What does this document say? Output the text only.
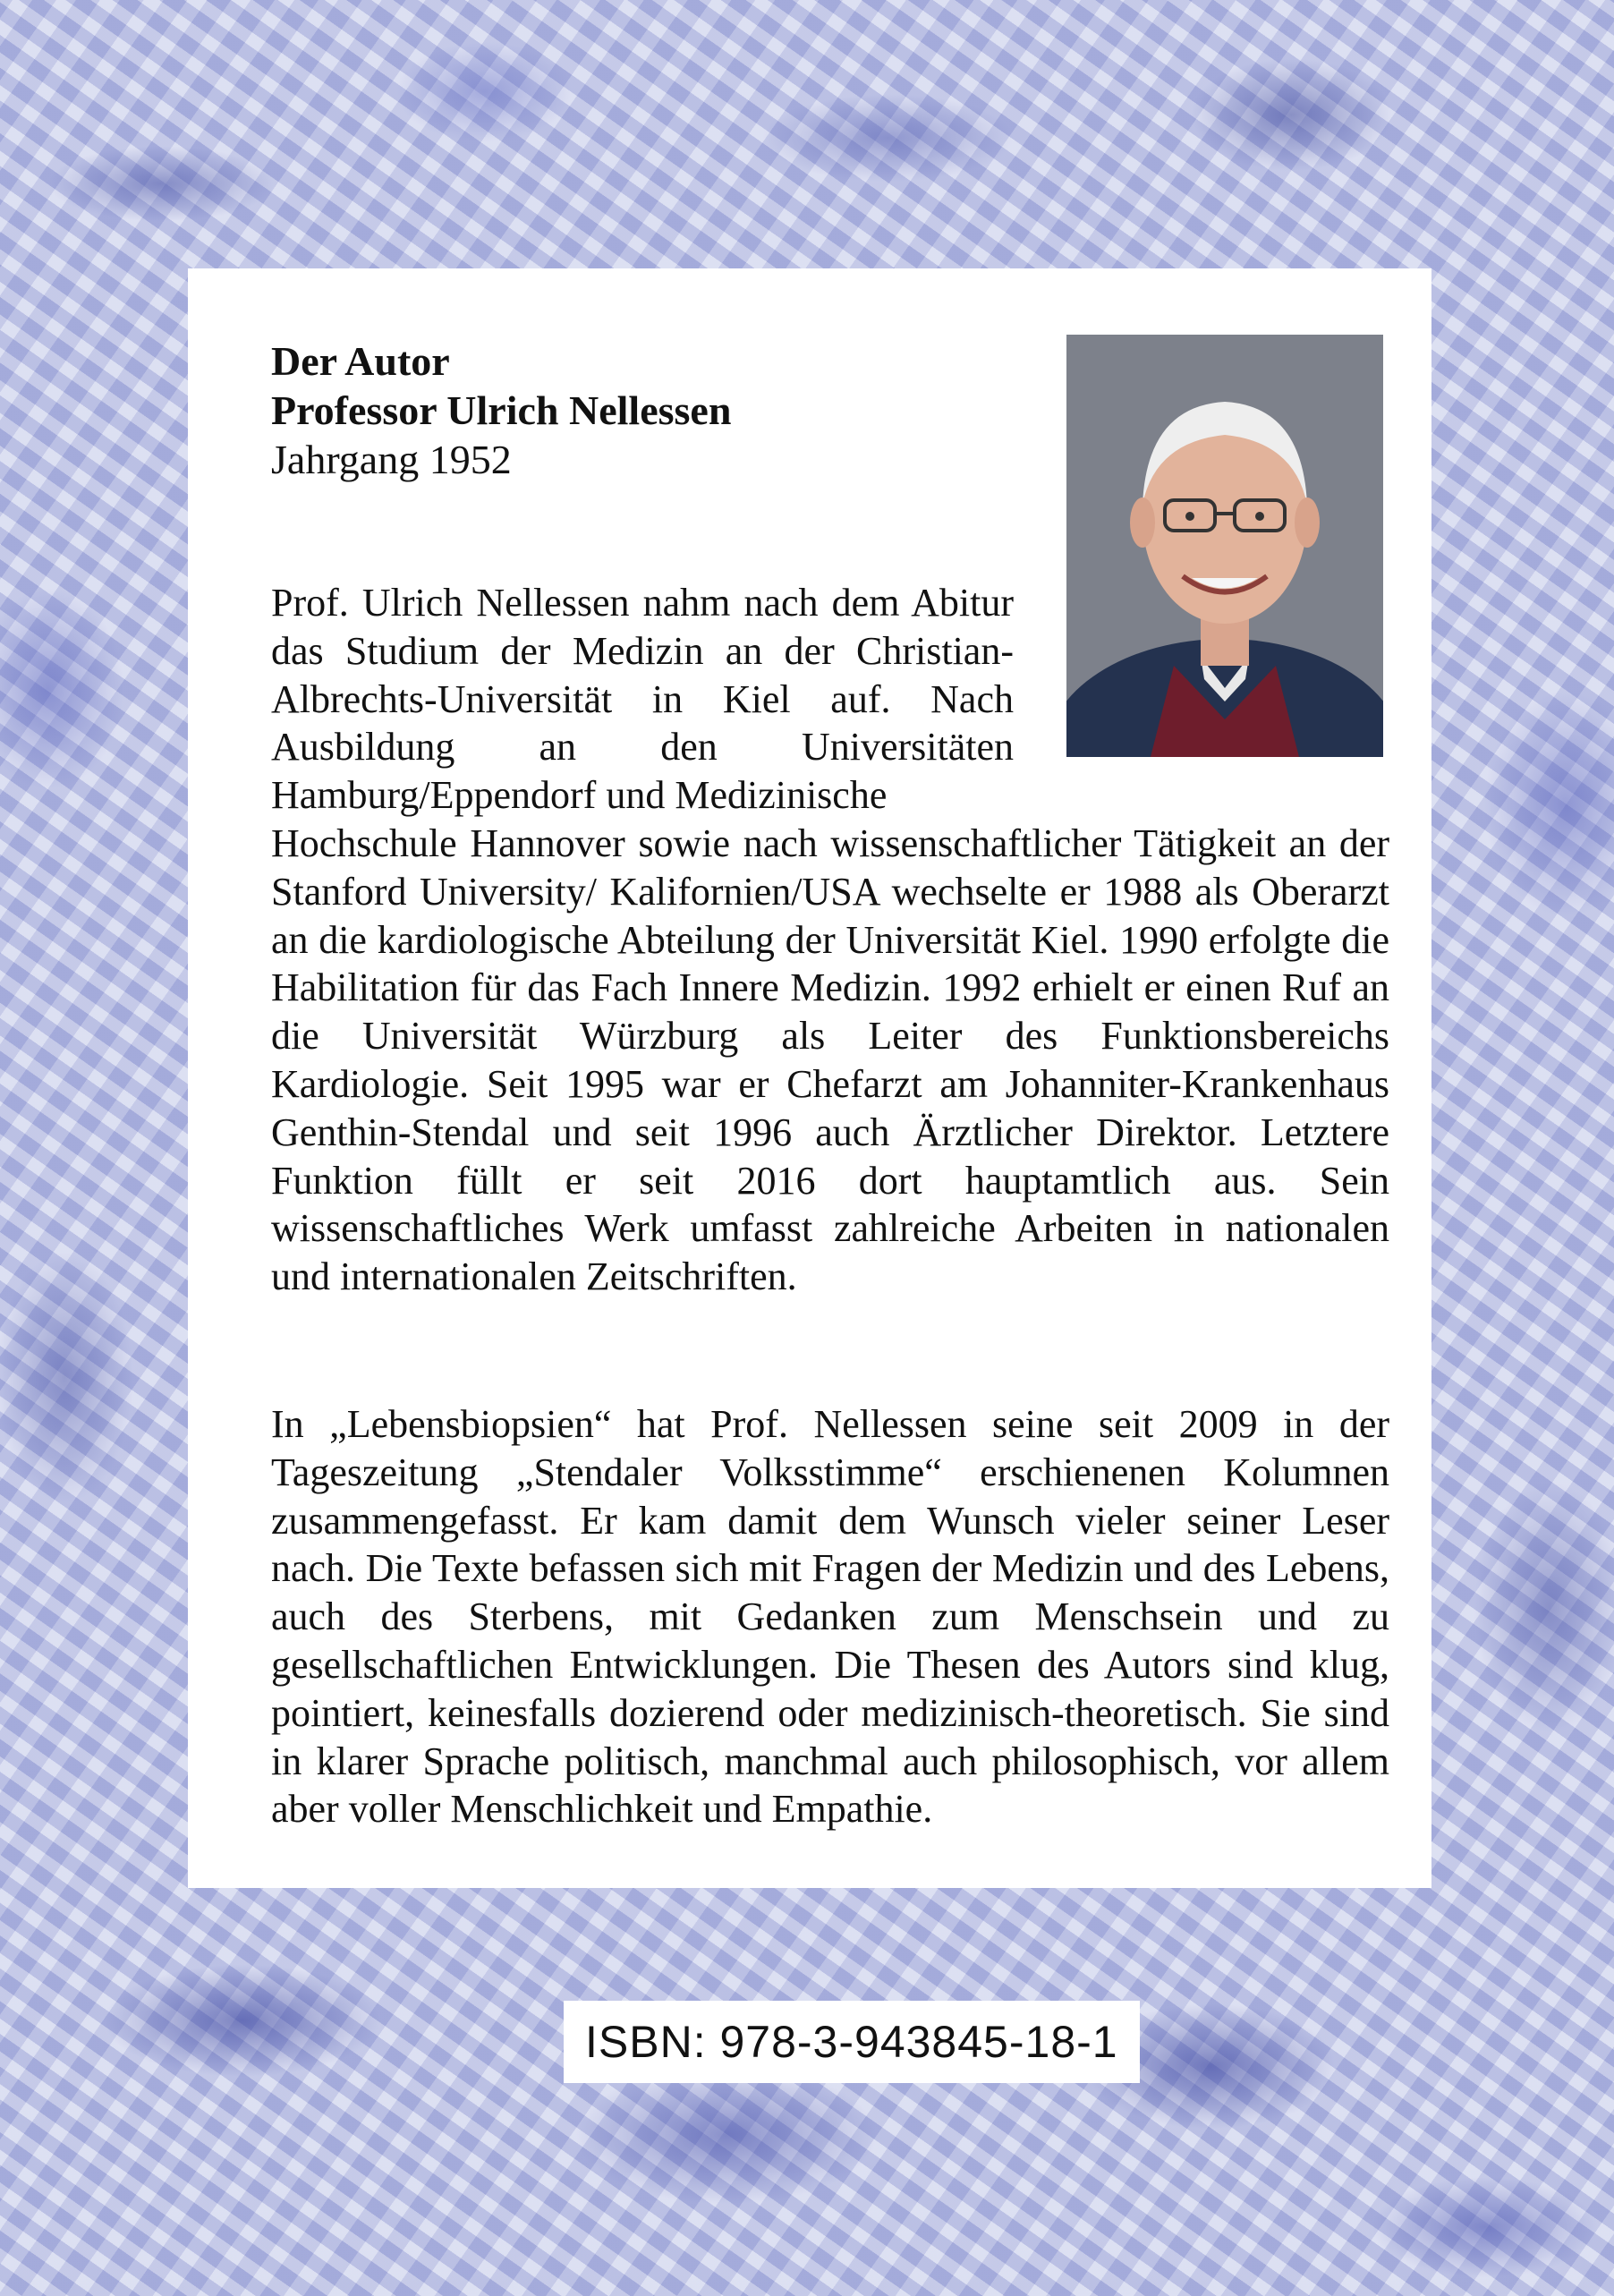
Der Autor
Professor Ulrich Nellessen
Jahrgang 1952
Prof. Ulrich Nellessen nahm nach dem Abitur das Studium der Medizin an der Christian-Albrechts-Universität in Kiel auf. Nach Ausbildung an den Universitäten Hamburg/Eppendorf und Medizinische
Hochschule Hannover sowie nach wissenschaftlicher Tätigkeit an der Stanford University/ Kalifornien/USA wechselte er 1988 als Oberarzt an die kardiologische Abteilung der Universität Kiel. 1990 erfolgte die Habilitation für das Fach Innere Medizin. 1992 erhielt er einen Ruf an die Universität Würzburg als Leiter des Funktionsbereichs Kardiologie. Seit 1995 war er Chefarzt am Johanniter-Krankenhaus Genthin-Stendal und seit 1996 auch Ärztlicher Direktor. Letztere Funktion füllt er seit 2016 dort hauptamtlich aus. Sein wissenschaftliches Werk umfasst zahlreiche Arbeiten in nationalen und internationalen Zeitschriften.

In „Lebensbiopsien“ hat Prof. Nellessen seine seit 2009 in der Tageszeitung „Stendaler Volksstimme“ erschienenen Kolumnen zusammengefasst. Er kam damit dem Wunsch vieler seiner Leser nach. Die Texte befassen sich mit Fragen der Medizin und des Lebens, auch des Sterbens, mit Gedanken zum Menschsein und zu gesellschaftlichen Entwicklungen. Die Thesen des Autors sind klug, pointiert, keinesfalls dozierend oder medizinisch-theoretisch. Sie sind in klarer Sprache politisch, manchmal auch philosophisch, vor allem aber voller Menschlichkeit und Empathie.

ISBN: 978-3-943845-18-1
